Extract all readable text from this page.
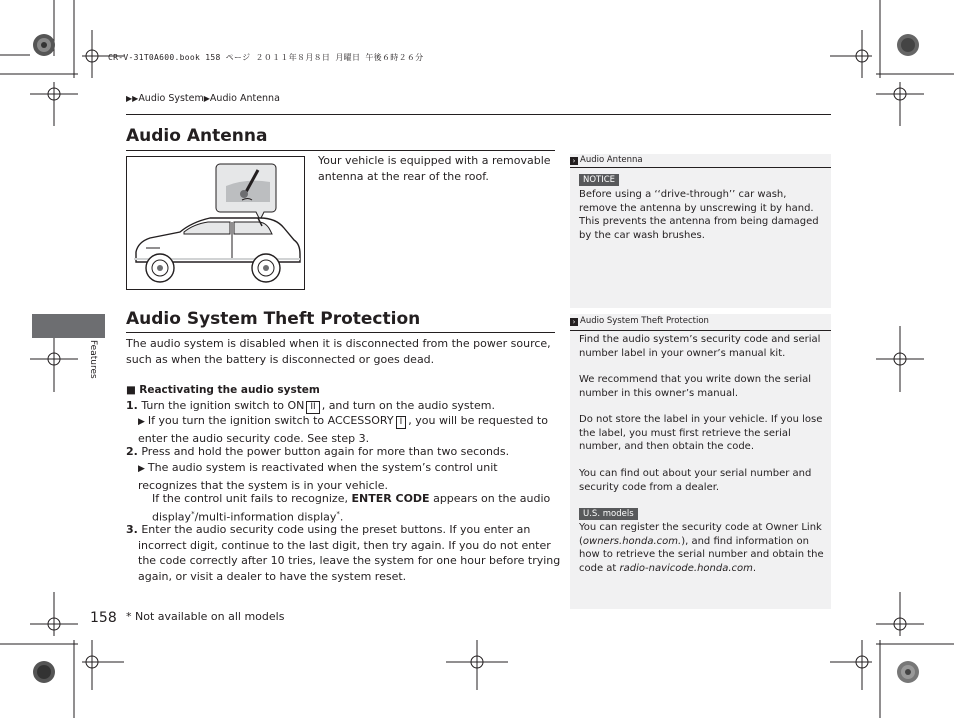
CR-V-31T0A600.book 158 ページ ２０１１年８月８日 月曜日 午後６時２６分
▶▶Audio System▶Audio Antenna
Features
Audio Antenna
Your vehicle is equipped with a removable antenna at the rear of the roof.
› Audio Antenna
NOTICE
Before using a ‘‘drive-through’’ car wash, remove the antenna by unscrewing it by hand. This prevents the antenna from being damaged by the car wash brushes.
Audio System Theft Protection
The audio system is disabled when it is disconnected from the power source, such as when the battery is disconnected or goes dead.
■ Reactivating the audio system
1. Turn the ignition switch to ON II , and turn on the audio system.
▶ If you turn the ignition switch to ACCESSORY I , you will be requested to enter the audio security code. See step 3.
2. Press and hold the power button again for more than two seconds.
▶ The audio system is reactivated when the system’s control unit recognizes that the system is in your vehicle.
If the control unit fails to recognize, ENTER CODE appears on the audio display*/multi-information display*.
3. Enter the audio security code using the preset buttons. If you enter an incorrect digit, continue to the last digit, then try again. If you do not enter the code correctly after 10 tries, leave the system for one hour before trying again, or visit a dealer to have the system reset.
› Audio System Theft Protection
Find the audio system’s security code and serial number label in your owner’s manual kit.
We recommend that you write down the serial number in this owner’s manual.
Do not store the label in your vehicle. If you lose the label, you must first retrieve the serial number, and then obtain the code.
You can find out about your serial number and security code from a dealer.
U.S. models
You can register the security code at Owner Link (owners.honda.com.), and find information on how to retrieve the serial number and obtain the code at radio-navicode.honda.com.
158 * Not available on all models
